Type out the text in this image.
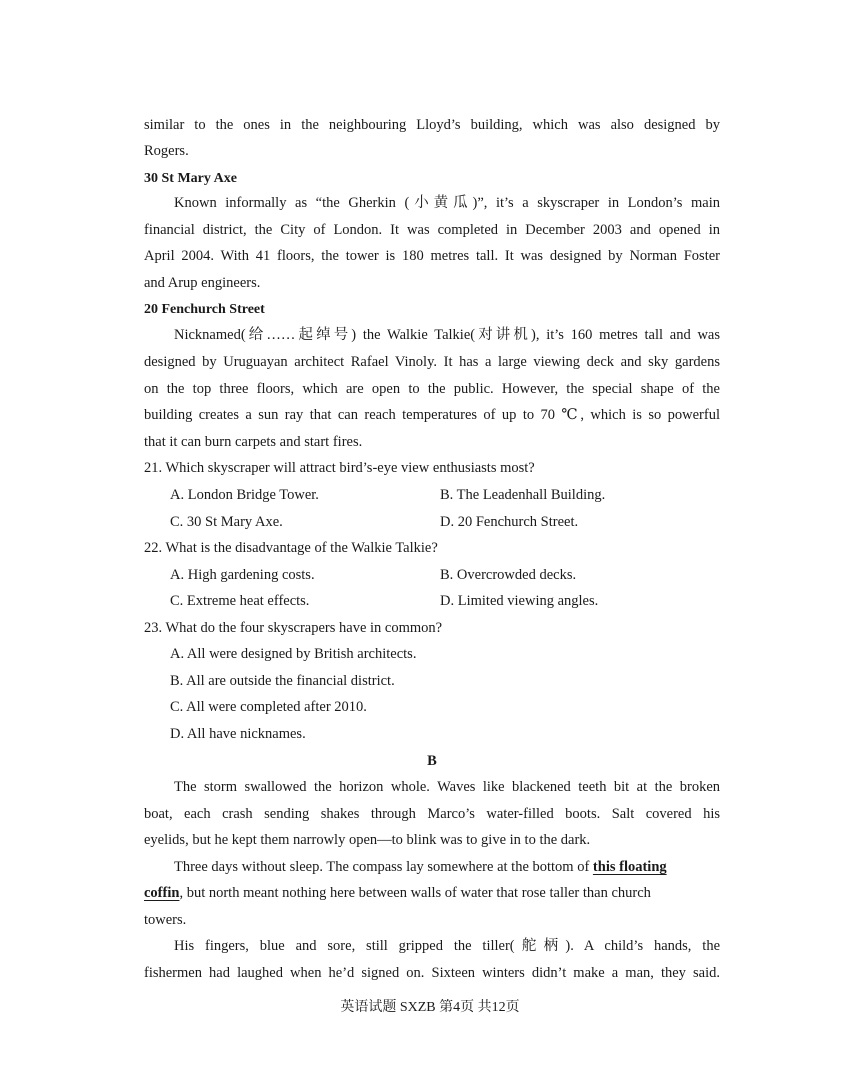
similar to the ones in the neighbouring Lloyd’s building, which was also designed by
Rogers.
30 St Mary Axe
Known informally as “the Gherkin (小黄瓜)”, it’s a skyscraper in London’s main
financial district, the City of London. It was completed in December 2003 and opened in
April 2004. With 41 floors, the tower is 180 metres tall. It was designed by Norman Foster
and Arup engineers.
20 Fenchurch Street
Nicknamed(给……起绰号) the Walkie Talkie(对讲机), it’s 160 metres tall and was
designed by Uruguayan architect Rafael Vinoly. It has a large viewing deck and sky gardens
on the top three floors, which are open to the public. However, the special shape of the
building creates a sun ray that can reach temperatures of up to 70 ℃, which is so powerful
that it can burn carpets and start fires.
21. Which skyscraper will attract bird’s-eye view enthusiasts most?
A. London Bridge Tower.	B. The Leadenhall Building.
C. 30 St Mary Axe.	D. 20 Fenchurch Street.
22. What is the disadvantage of the Walkie Talkie?
A. High gardening costs.	B. Overcrowded decks.
C. Extreme heat effects.	D. Limited viewing angles.
23. What do the four skyscrapers have in common?
A. All were designed by British architects.
B. All are outside the financial district.
C. All were completed after 2010.
D. All have nicknames.
B
The storm swallowed the horizon whole. Waves like blackened teeth bit at the broken
boat, each crash sending shakes through Marco’s water-filled boots. Salt covered his
eyelids, but he kept them narrowly open—to blink was to give in to the dark.
Three days without sleep. The compass lay somewhere at the bottom of this floating
coffin, but north meant nothing here between walls of water that rose taller than church
towers.
His fingers, blue and sore, still gripped the tiller(舵柄). A child’s hands, the
fishermen had laughed when he’d signed on. Sixteen winters didn’t make a man, they said.
英语试题 SXZB 第4页 共12页
